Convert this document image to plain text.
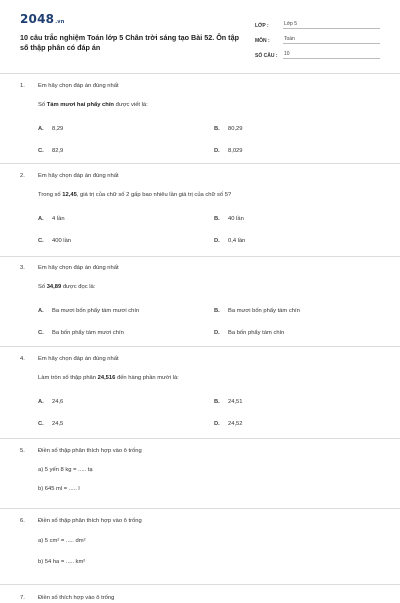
2048.vn
10 câu trắc nghiệm Toán lớp 5 Chân trời sáng tạo Bài 52. Ôn tập số thập phân có đáp án
LỚP :	Lớp 5
MÔN :	Toán
SỐ CÂU :	10
1.	Em hãy chọn đáp án đúng nhất
Số Tám mươi hai phẩy chín được viết là:
A.	8,29	B.	80,29
C.	82,9	D.	8,029
2.	Em hãy chọn đáp án đúng nhất
Trong số 12,45, giá trị của chữ số 2 gấp bao nhiêu lần giá trị của chữ số 5?
A.	4 lần	B.	40 lần
C.	400 lần	D.	0,4 lần
3.	Em hãy chọn đáp án đúng nhất
Số 34,89 được đọc là:
A.	Ba mươi bốn phẩy tám mươi chín	B.	Ba mươi bốn phẩy tám chín
C.	Ba bốn phẩy tám mươi chín	D.	Ba bốn phẩy tám chín
4.	Em hãy chọn đáp án đúng nhất
Làm tròn số thập phân 24,516 đến hàng phần mười là:
A.	24,6	B.	24,51
C.	24,5	D.	24,52
5.	Điền số thập phân thích hợp vào ô trống
a) 5 yến 8 kg = ..... tạ
b) 645 ml = ..... l
6.	Điền số thập phân thích hợp vào ô trống
a) 5 cm² = ..... dm²
b) 54 ha = ..... km²
7.	Điền số thích hợp vào ô trống
